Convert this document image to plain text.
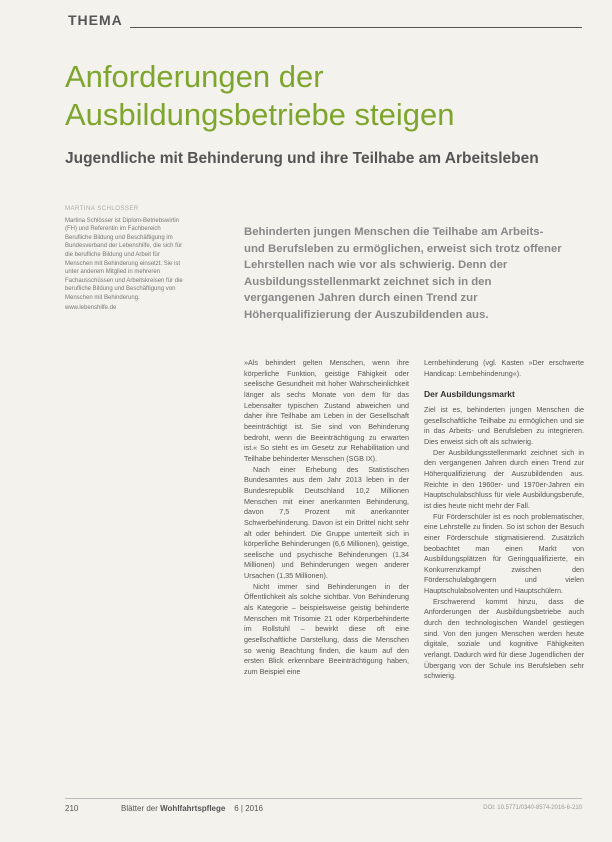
THEMA
Anforderungen der Ausbildungsbetriebe steigen
Jugendliche mit Behinderung und ihre Teilhabe am Arbeitsleben
MARTINA SCHLOSSER
Martina Schlösser ist Diplom-Betriebswirtin (FH) und Referentin im Fachbereich Berufliche Bildung und Beschäftigung im Bundesverband der Lebenshilfe, die sich für die berufliche Bildung und Arbeit für Menschen mit Behinderung einsetzt. Sie ist unter anderem Mitglied in mehreren Fachausschüssen und Arbeitskreisen für die berufliche Bildung und Beschäftigung von Menschen mit Behinderung.
www.lebenshilfe.de

Behinderten jungen Menschen die Teilhabe am Arbeits- und Berufsleben zu ermöglichen, erweist sich trotz offener Lehrstellen nach wie vor als schwierig. Denn der Ausbildungsstellenmarkt zeichnet sich in den vergangenen Jahren durch einen Trend zur Höherqualifizierung der Auszubildenden aus.

»Als behindert gelten Menschen, wenn ihre körperliche Funktion, geistige Fähigkeit oder seelische Gesundheit mit hoher Wahrscheinlichkeit länger als sechs Monate von dem für das Lebensalter typischen Zustand abweichen und daher ihre Teilhabe am Leben in der Gesellschaft beeinträchtigt ist. Sie sind von Behinderung bedroht, wenn die Beeinträchtigung zu erwarten ist.« So steht es im Gesetz zur Rehabilitation und Teilhabe behinderter Menschen (SGB IX).

Nach einer Erhebung des Statistischen Bundesamtes aus dem Jahr 2013 leben in der Bundesrepublik Deutschland 10,2 Millionen Menschen mit einer anerkannten Behinderung, davon 7,5 Prozent mit anerkannter Schwerbehinderung. Davon ist ein Drittel nicht sehr alt oder behindert. Die Gruppe unterteilt sich in körperliche Behinderungen (6,6 Millionen), geistige, seelische und psychische Behinderungen (1,34 Millionen) und Behinderungen wegen anderer Ursachen (1,35 Millionen).

Nicht immer sind Behinderungen in der Öffentlichkeit als solche sichtbar. Von Behinderung als Kategorie – beispielsweise geistig behinderte Menschen mit Trisomie 21 oder Körperbehinderte im Rollstuhl – bewirkt diese oft eine gesellschaftliche Darstellung, dass die Menschen so wenig Beachtung finden, die kaum auf den ersten Blick erkennbare Beeinträchtigung haben, zum Beispiel eine

Lernbehinderung (vgl. Kasten »Der erschwerte Handicap: Lernbehinderung«).

Der Ausbildungsmarkt

Ziel ist es, behinderten jungen Menschen die gesellschaftliche Teilhabe zu ermöglichen und sie in das Arbeits- und Berufsleben zu integrieren. Dies erweist sich oft als schwierig.

Der Ausbildungsstellenmarkt zeichnet sich in den vergangenen Jahren durch einen Trend zur Höherqualifizierung der Auszubildenden aus. Reichte in den 1960er- und 1970er-Jahren ein Hauptschulabschluss für viele Ausbildungsberufe, ist dies heute nicht mehr der Fall.

Für Förderschüler ist es noch problematischer, eine Lehrstelle zu finden. So ist schon der Besuch einer Förderschule stigmatisierend. Zusätzlich beobachtet man einen Markt von Ausbildungsplätzen für Geringqualifizierte, ein Konkurrenzkampf zwischen den Förderschulabgängern und vielen Hauptschulabsolventen und Hauptschülern.

Erschwerend kommt hinzu, dass die Anforderungen der Ausbildungsbetriebe auch durch den technologischen Wandel gestiegen sind. Von den jungen Menschen werden heute digitale, soziale und kognitive Fähigkeiten verlangt. Dadurch wird für diese Jugendlichen der Übergang von der Schule ins Berufsleben sehr schwierig.

210	Blätter der Wohlfahrtspflege 6 | 2016	DOI: 10.5771/0340-8574-2016-6-210
